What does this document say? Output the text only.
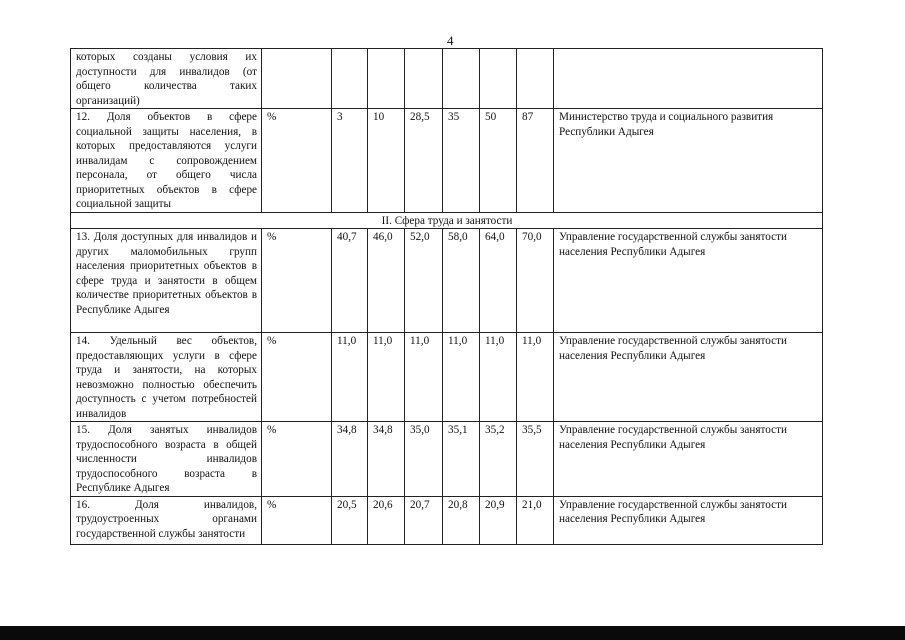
4
которых созданы условия их доступности для инвалидов (от общего количества таких организаций)								
12. Доля объектов в сфере социальной защиты населения, в которых предоставляются услуги инвалидам с сопровождением персонала, от общего числа приоритетных объектов в сфере социальной защиты	%	3	10	28,5	35	50	87	Министерство труда и социального развития Республики Адыгея
II. Сфера труда и занятости								
13. Доля доступных для инвалидов и других маломобильных групп населения приоритетных объектов в сфере труда и занятости в общем количестве приоритетных объектов в Республике Адыгея	%	40,7	46,0	52,0	58,0	64,0	70,0	Управление государственной службы занятости населения Республики Адыгея
14. Удельный вес объектов, предоставляющих услуги в сфере труда и занятости, на которых невозможно полностью обеспечить доступность с учетом потребностей инвалидов	%	11,0	11,0	11,0	11,0	11,0	11,0	Управление государственной службы занятости населения Республики Адыгея
15. Доля занятых инвалидов трудоспособного возраста в общей численности инвалидов трудоспособного возраста в Республике Адыгея	%	34,8	34,8	35,0	35,1	35,2	35,5	Управление государственной службы занятости населения Республики Адыгея
16. Доля инвалидов, трудоустроенных органами государственной службы занятости	%	20,5	20,6	20,7	20,8	20,9	21,0	Управление государственной службы занятости населения Республики Адыгея
